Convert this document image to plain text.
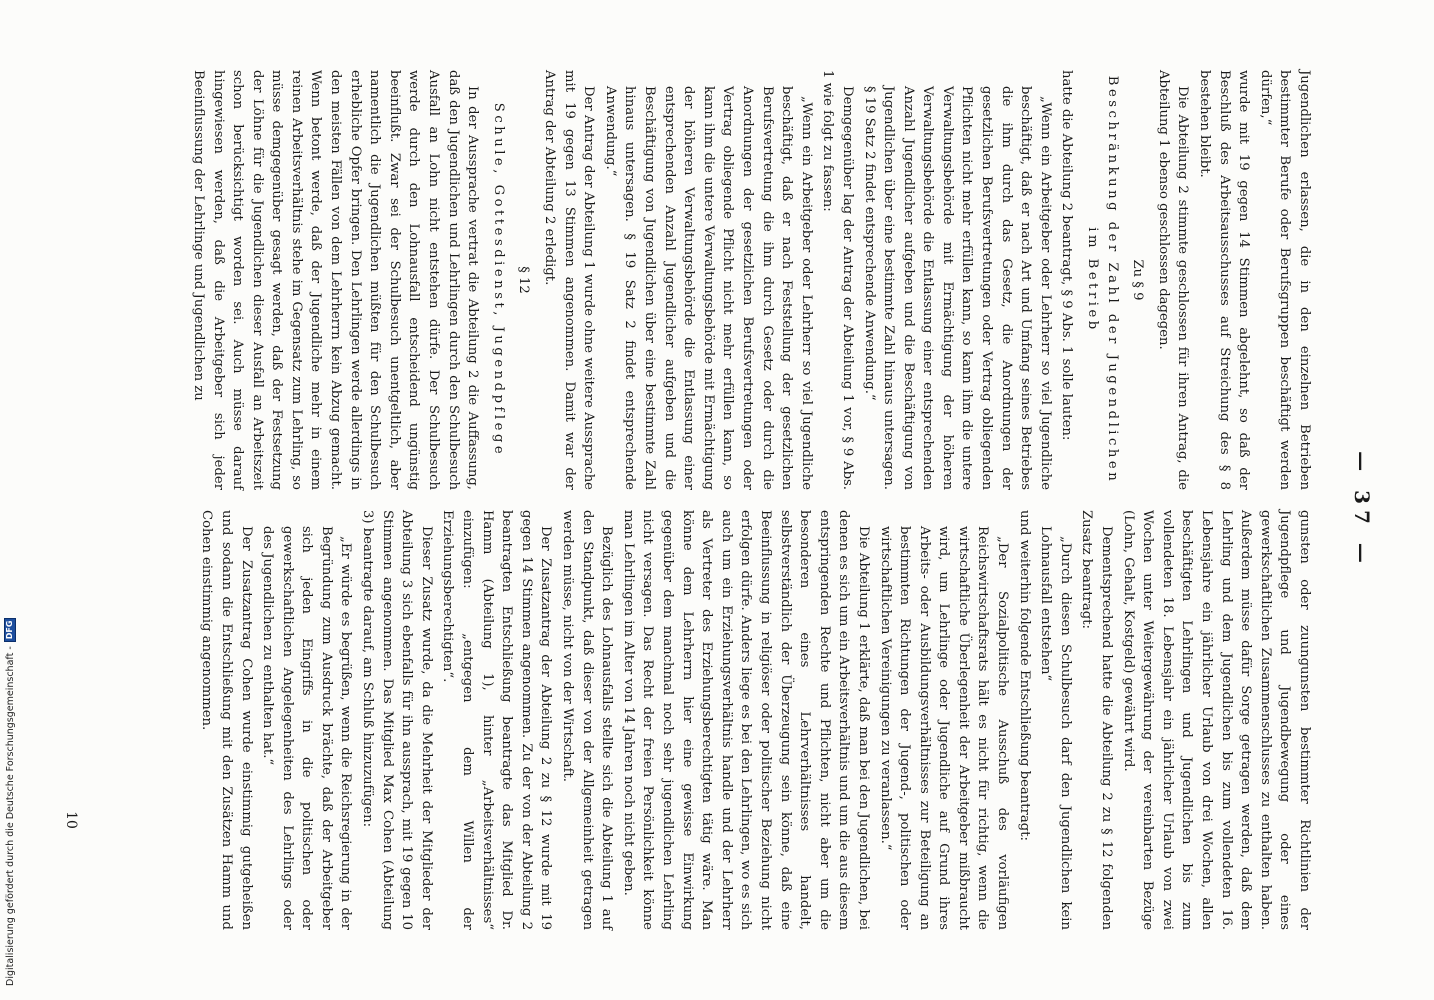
— 37 —

Jugendlichen erlassen, die in den einzelnen Betrieben bestimmter Berufe oder Berufsgruppen beschäftigt werden dürfen,“

wurde mit 19 gegen 14 Stimmen abgelehnt, so daß der Beschluß des Arbeitsausschusses auf Streichung des § 8 bestehen bleibt.

Die Abteilung 2 stimmte geschlossen für ihren Antrag, die Abteilung 1 ebenso geschlossen dagegen.

Zu § 9

Beschränkung der Zahl der Jugendlichen im Betrieb

hatte die Abteilung 2 beantragt, § 9 Abs. 1 solle lauten:

„Wenn ein Arbeitgeber oder Lehrherr so viel Jugendliche beschäftigt, daß er nach Art und Umfang seines Betriebes die ihm durch das Gesetz, die Anordnungen der gesetzlichen Berufsvertretungen oder Vertrag obliegenden Pflichten nicht mehr erfüllen kann, so kann ihm die untere Verwaltungsbehörde mit Ermächtigung der höheren Verwaltungsbehörde die Entlassung einer entsprechenden Anzahl Jugendlicher aufgeben und die Beschäftigung von Jugendlichen über eine bestimmte Zahl hinaus untersagen. § 19 Satz 2 findet entsprechende Anwendung.“

Demgegenüber lag der Antrag der Abteilung 1 vor, § 9 Abs. 1 wie folgt zu fassen:

„Wenn ein Arbeitgeber oder Lehrherr so viel Jugendliche beschäftigt, daß er nach Feststellung der gesetzlichen Berufsvertretung die ihm durch Gesetz oder durch die Anordnungen der gesetzlichen Berufsvertretungen oder Vertrag obliegende Pflicht nicht mehr erfüllen kann, so kann ihm die untere Verwaltungsbehörde mit Ermächtigung der höheren Verwaltungsbehörde die Entlassung einer entsprechenden Anzahl Jugendlicher aufgeben und die Beschäftigung von Jugendlichen über eine bestimmte Zahl hinaus untersagen. § 19 Satz 2 findet entsprechende Anwendung.“

Der Antrag der Abteilung 1 wurde ohne weitere Aussprache mit 19 gegen 13 Stimmen angenommen. Damit war der Antrag der Abteilung 2 erledigt.

§ 12

Schule, Gottesdienst, Jugendpflege

In der Aussprache vertrat die Abteilung 2 die Auffassung, daß den Jugendlichen und Lehrlingen durch den Schulbesuch Ausfall an Lohn nicht entstehen dürfe. Der Schulbesuch werde durch den Lohnausfall entscheidend ungünstig beeinflußt. Zwar sei der Schulbesuch unentgeltlich, aber namentlich die Jugendlichen müßten für den Schulbesuch erhebliche Opfer bringen. Den Lehrlingen werde allerdings in den meisten Fällen von dem Lehrherrn kein Abzug gemacht. Wenn betont werde, daß der Jugendliche mehr in einem reinen Arbeitsverhältnis stehe im Gegensatz zum Lehrling, so müsse demgegenüber gesagt werden, daß der Festsetzung der Löhne für die Jugendlichen dieser Ausfall an Arbeitszeit schon berücksichtigt worden sei. Auch müsse darauf hingewiesen werden, daß die Arbeitgeber sich jeder Beeinflussung der Lehrlinge und Jugendlichen zu

gunsten oder zuungunsten bestimmter Richtlinien der Jugendpflege und Jugendbewegung oder eines gewerkschaftlichen Zusammenschlusses zu enthalten haben. Außerdem müsse dafür Sorge getragen werden, daß dem Lehrling und dem Jugendlichen bis zum vollendeten 16. Lebensjahre ein jährlicher Urlaub von drei Wochen, allen beschäftigten Lehrlingen und Jugendlichen bis zum vollendeten 18. Lebensjahr ein jährlicher Urlaub von zwei Wochen unter Weitergewährung der vereinbarten Bezüge (Lohn, Gehalt, Kostgeld) gewährt wird.

Dementsprechend hatte die Abteilung 2 zu § 12 folgenden Zusatz beantragt:

„Durch diesen Schulbesuch darf den Jugendlichen kein Lohnausfall entstehen“

und weiterhin folgende Entschließung beantragt:

„Der Sozialpolitische Ausschuß des vorläufigen Reichswirtschaftsrats hält es nicht für richtig, wenn die wirtschaftliche Überlegenheit der Arbeitgeber mißbraucht wird, um Lehrlinge oder Jugendliche auf Grund ihres Arbeits- oder Ausbildungsverhältnisses zur Beteiligung an bestimmten Richtungen der Jugend-, politischen oder wirtschaftlichen Vereinigungen zu veranlassen.“

Die Abteilung 1 erklärte, daß man bei den Jugendlichen, bei denen es sich um ein Arbeitsverhältnis und um die aus diesem entspringenden Rechte und Pflichten, nicht aber um die besonderen eines Lehrverhältnisses handelt, selbstverständlich der Überzeugung sein könne, daß eine Beeinflussung in religiöser oder politischer Beziehung nicht erfolgen dürfe. Anders liege es bei den Lehrlingen, wo es sich auch um ein Erziehungsverhältnis handle und der Lehrherr als Vertreter des Erziehungsberechtigten tätig wäre. Man könne dem Lehrherrn hier eine gewisse Einwirkung gegenüber dem manchmal noch sehr jugendlichen Lehrling nicht versagen. Das Recht der freien Persönlichkeit könne man Lehrlingen im Alter von 14 Jahren noch nicht geben.

Bezüglich des Lohnausfalls stellte sich die Abteilung 1 auf den Standpunkt, daß dieser von der Allgemeinheit getragen werden müsse, nicht von der Wirtschaft.

Der Zusatzantrag der Abteilung 2 zu § 12 wurde mit 19 gegen 14 Stimmen angenommen. Zu der von der Abteilung 2 beantragten Entschließung beantragte das Mitglied Dr. Hamm (Abteilung 1), hinter „Arbeitsverhältnisses“ einzufügen: „entgegen dem Willen der Erziehungsberechtigten“.

Dieser Zusatz wurde, da die Mehrheit der Mitglieder der Abteilung 3 sich ebenfalls für ihn aussprach, mit 19 gegen 10 Stimmen angenommen. Das Mitglied Max Cohen (Abteilung 3) beantragte darauf, am Schluß hinzuzufügen:

„Er würde es begrüßen, wenn die Reichsregierung in der Begründung zum Ausdruck brächte, daß der Arbeitgeber sich jeden Eingriffs in die politischen oder gewerkschaftlichen Angelegenheiten des Lehrlings oder des Jugendlichen zu enthalten hat.“

Der Zusatzantrag Cohen wurde einstimmig gutgeheißen und sodann die Entschließung mit den Zusätzen Hamm und Cohen einstimmig angenommen.

10
Digitalisierung gefördert durch die Deutsche Forschungsgemeinschaft -
DFG
